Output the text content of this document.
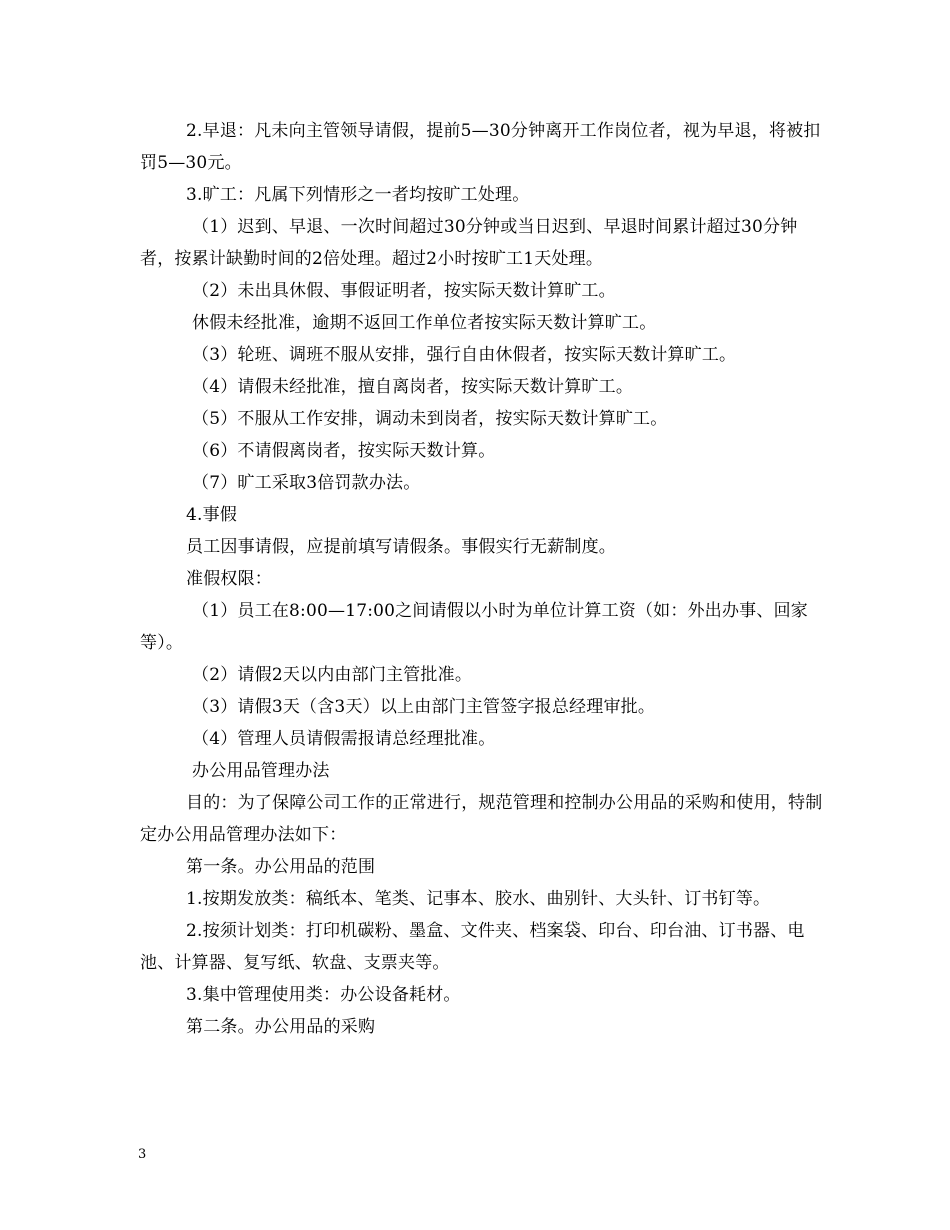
2.早退：凡未向主管领导请假，提前5—30分钟离开工作岗位者，视为早退，将被扣罚5—30元。

3.旷工：凡属下列情形之一者均按旷工处理。

（1）迟到、早退、一次时间超过30分钟或当日迟到、早退时间累计超过30分钟者，按累计缺勤时间的2倍处理。超过2小时按旷工1天处理。

（2）未出具休假、事假证明者，按实际天数计算旷工。

休假未经批准，逾期不返回工作单位者按实际天数计算旷工。

（3）轮班、调班不服从安排，强行自由休假者，按实际天数计算旷工。

（4）请假未经批准，擅自离岗者，按实际天数计算旷工。

（5）不服从工作安排，调动未到岗者，按实际天数计算旷工。

（6）不请假离岗者，按实际天数计算。

（7）旷工采取3倍罚款办法。

4.事假

员工因事请假，应提前填写请假条。事假实行无薪制度。

准假权限：

（1）员工在8:00—17:00之间请假以小时为单位计算工资（如：外出办事、回家等）。

（2）请假2天以内由部门主管批准。

（3）请假3天（含3天）以上由部门主管签字报总经理审批。

（4）管理人员请假需报请总经理批准。

办公用品管理办法

目的：为了保障公司工作的正常进行，规范管理和控制办公用品的采购和使用，特制定办公用品管理办法如下：

第一条。办公用品的范围

1.按期发放类：稿纸本、笔类、记事本、胶水、曲别针、大头针、订书钉等。

2.按须计划类：打印机碳粉、墨盒、文件夹、档案袋、印台、印台油、订书器、电池、计算器、复写纸、软盘、支票夹等。

3.集中管理使用类：办公设备耗材。

第二条。办公用品的采购

3
